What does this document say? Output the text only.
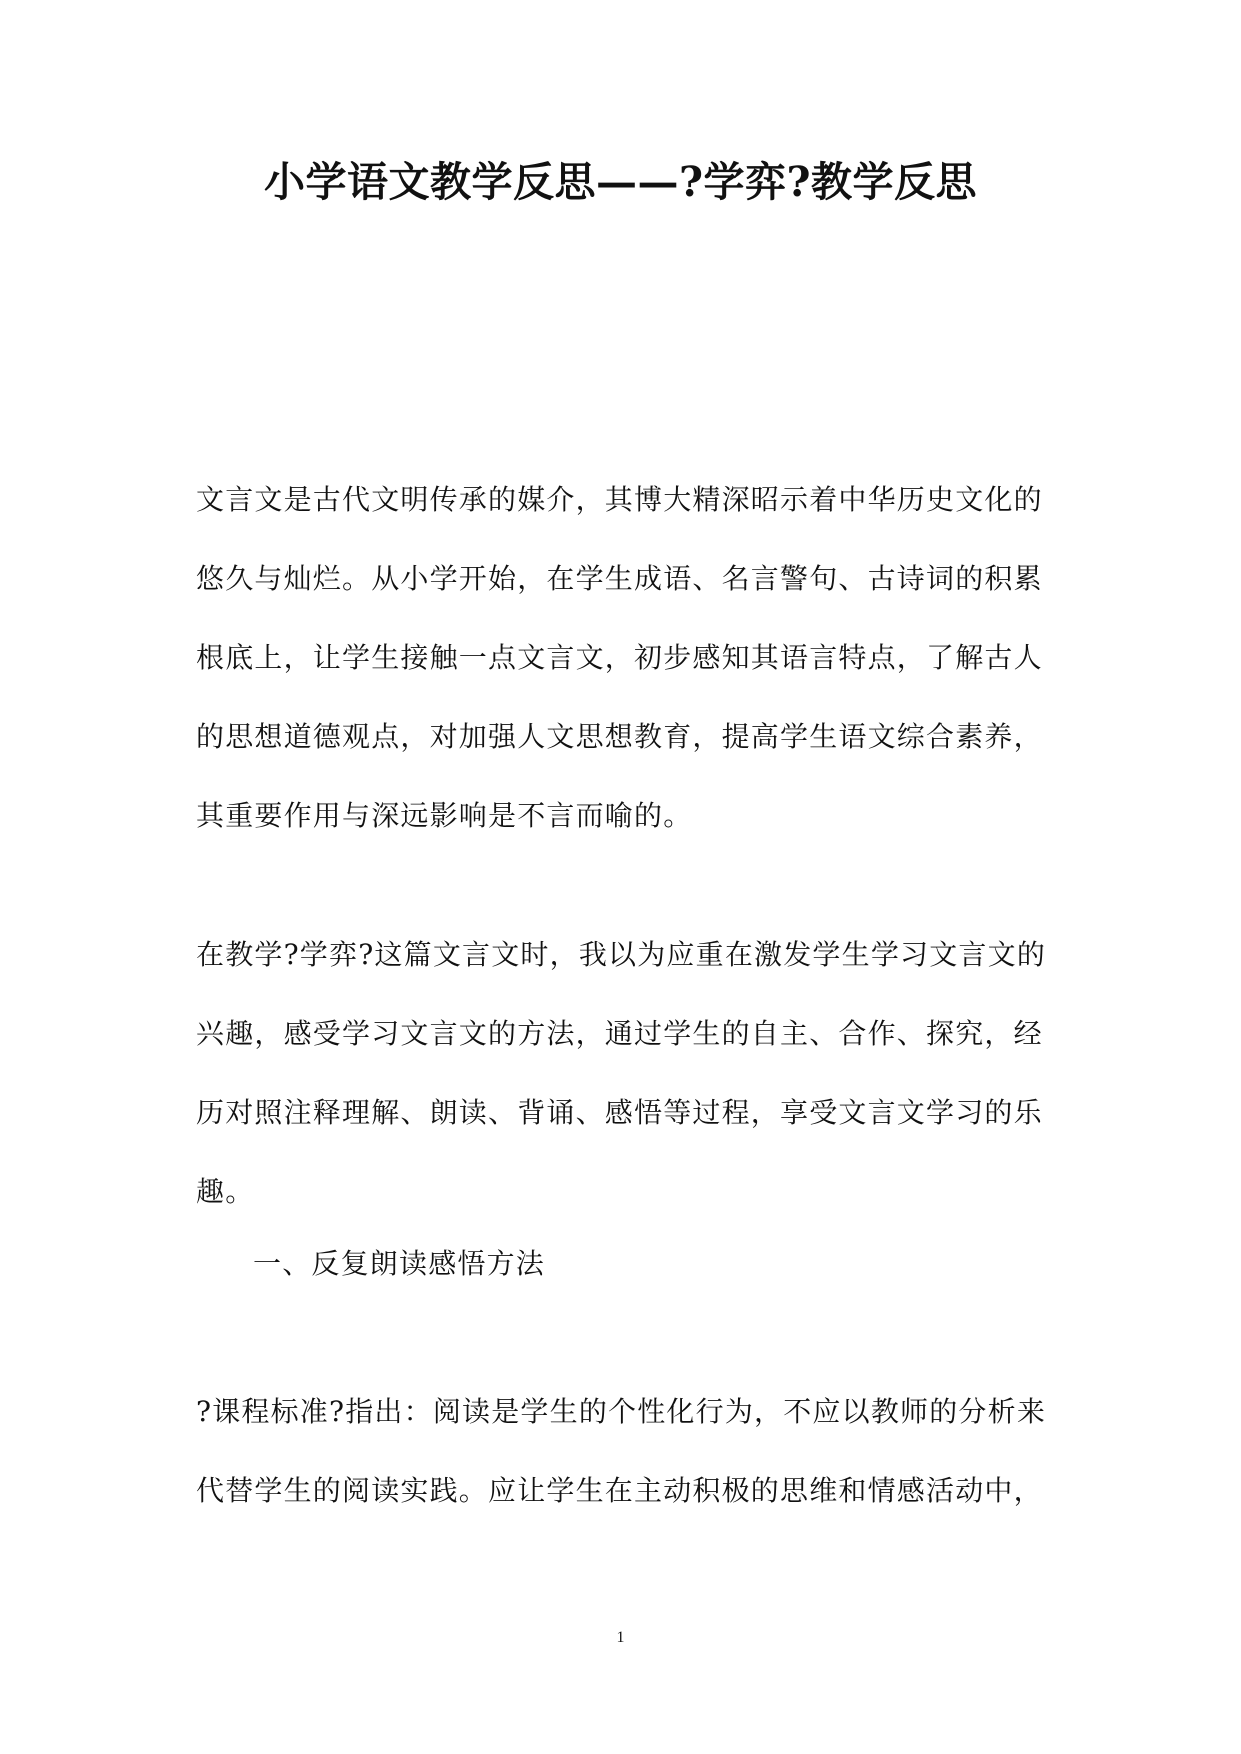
小学语文教学反思——?学弈?教学反思
文言文是古代文明传承的媒介，其博大精深昭示着中华历史文化的
悠久与灿烂。从小学开始，在学生成语、名言警句、古诗词的积累
根底上，让学生接触一点文言文，初步感知其语言特点，了解古人
的思想道德观点，对加强人文思想教育，提高学生语文综合素养，
其重要作用与深远影响是不言而喻的。
在教学?学弈?这篇文言文时，我以为应重在激发学生学习文言文的
兴趣，感受学习文言文的方法，通过学生的自主、合作、探究，经
历对照注释理解、朗读、背诵、感悟等过程，享受文言文学习的乐
趣。
一、反复朗读感悟方法
?课程标准?指出：阅读是学生的个性化行为，不应以教师的分析来
代替学生的阅读实践。应让学生在主动积极的思维和情感活动中，
1
